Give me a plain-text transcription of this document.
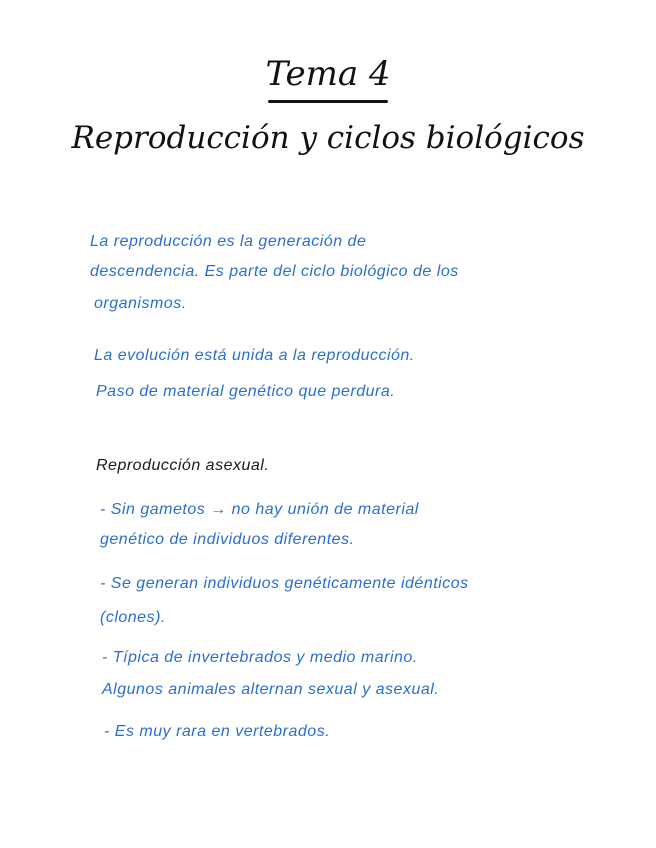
Tema 4
Reproducción y ciclos biológicos
La reproducción es la generación de
descendencia. Es parte del ciclo biológico de los
organismos.
La evolución está unida a la reproducción.
Paso de material genético que perdura.
Reproducción asexual.
- Sin gametos → no hay unión de material
genético de individuos diferentes.
- Se generan individuos genéticamente idénticos
(clones).
- Típica de invertebrados y medio marino.
Algunos animales alternan sexual y asexual.
- Es muy rara en vertebrados.
